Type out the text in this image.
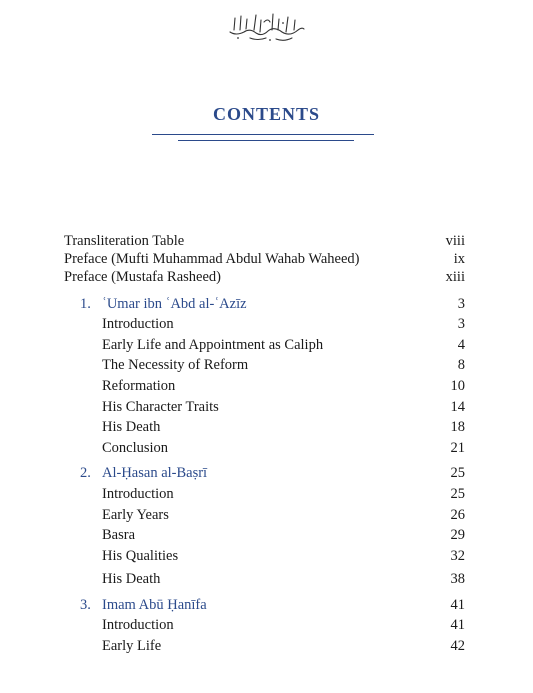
CONTENTS
Transliteration Table	viii
Preface (Mufti Muhammad Abdul Wahab Waheed)	ix
Preface (Mustafa Rasheed)	xiii
1. ʿUmar ibn ʿAbd al-ʿAzīz	3
Introduction	3
Early Life and Appointment as Caliph	4
The Necessity of Reform	8
Reformation	10
His Character Traits	14
His Death	18
Conclusion	21
2. Al-Ḥasan al-Baṣrī	25
Introduction	25
Early Years	26
Basra	29
His Qualities	32
His Death	38
3. Imam Abū Ḥanīfa	41
Introduction	41
Early Life	42
